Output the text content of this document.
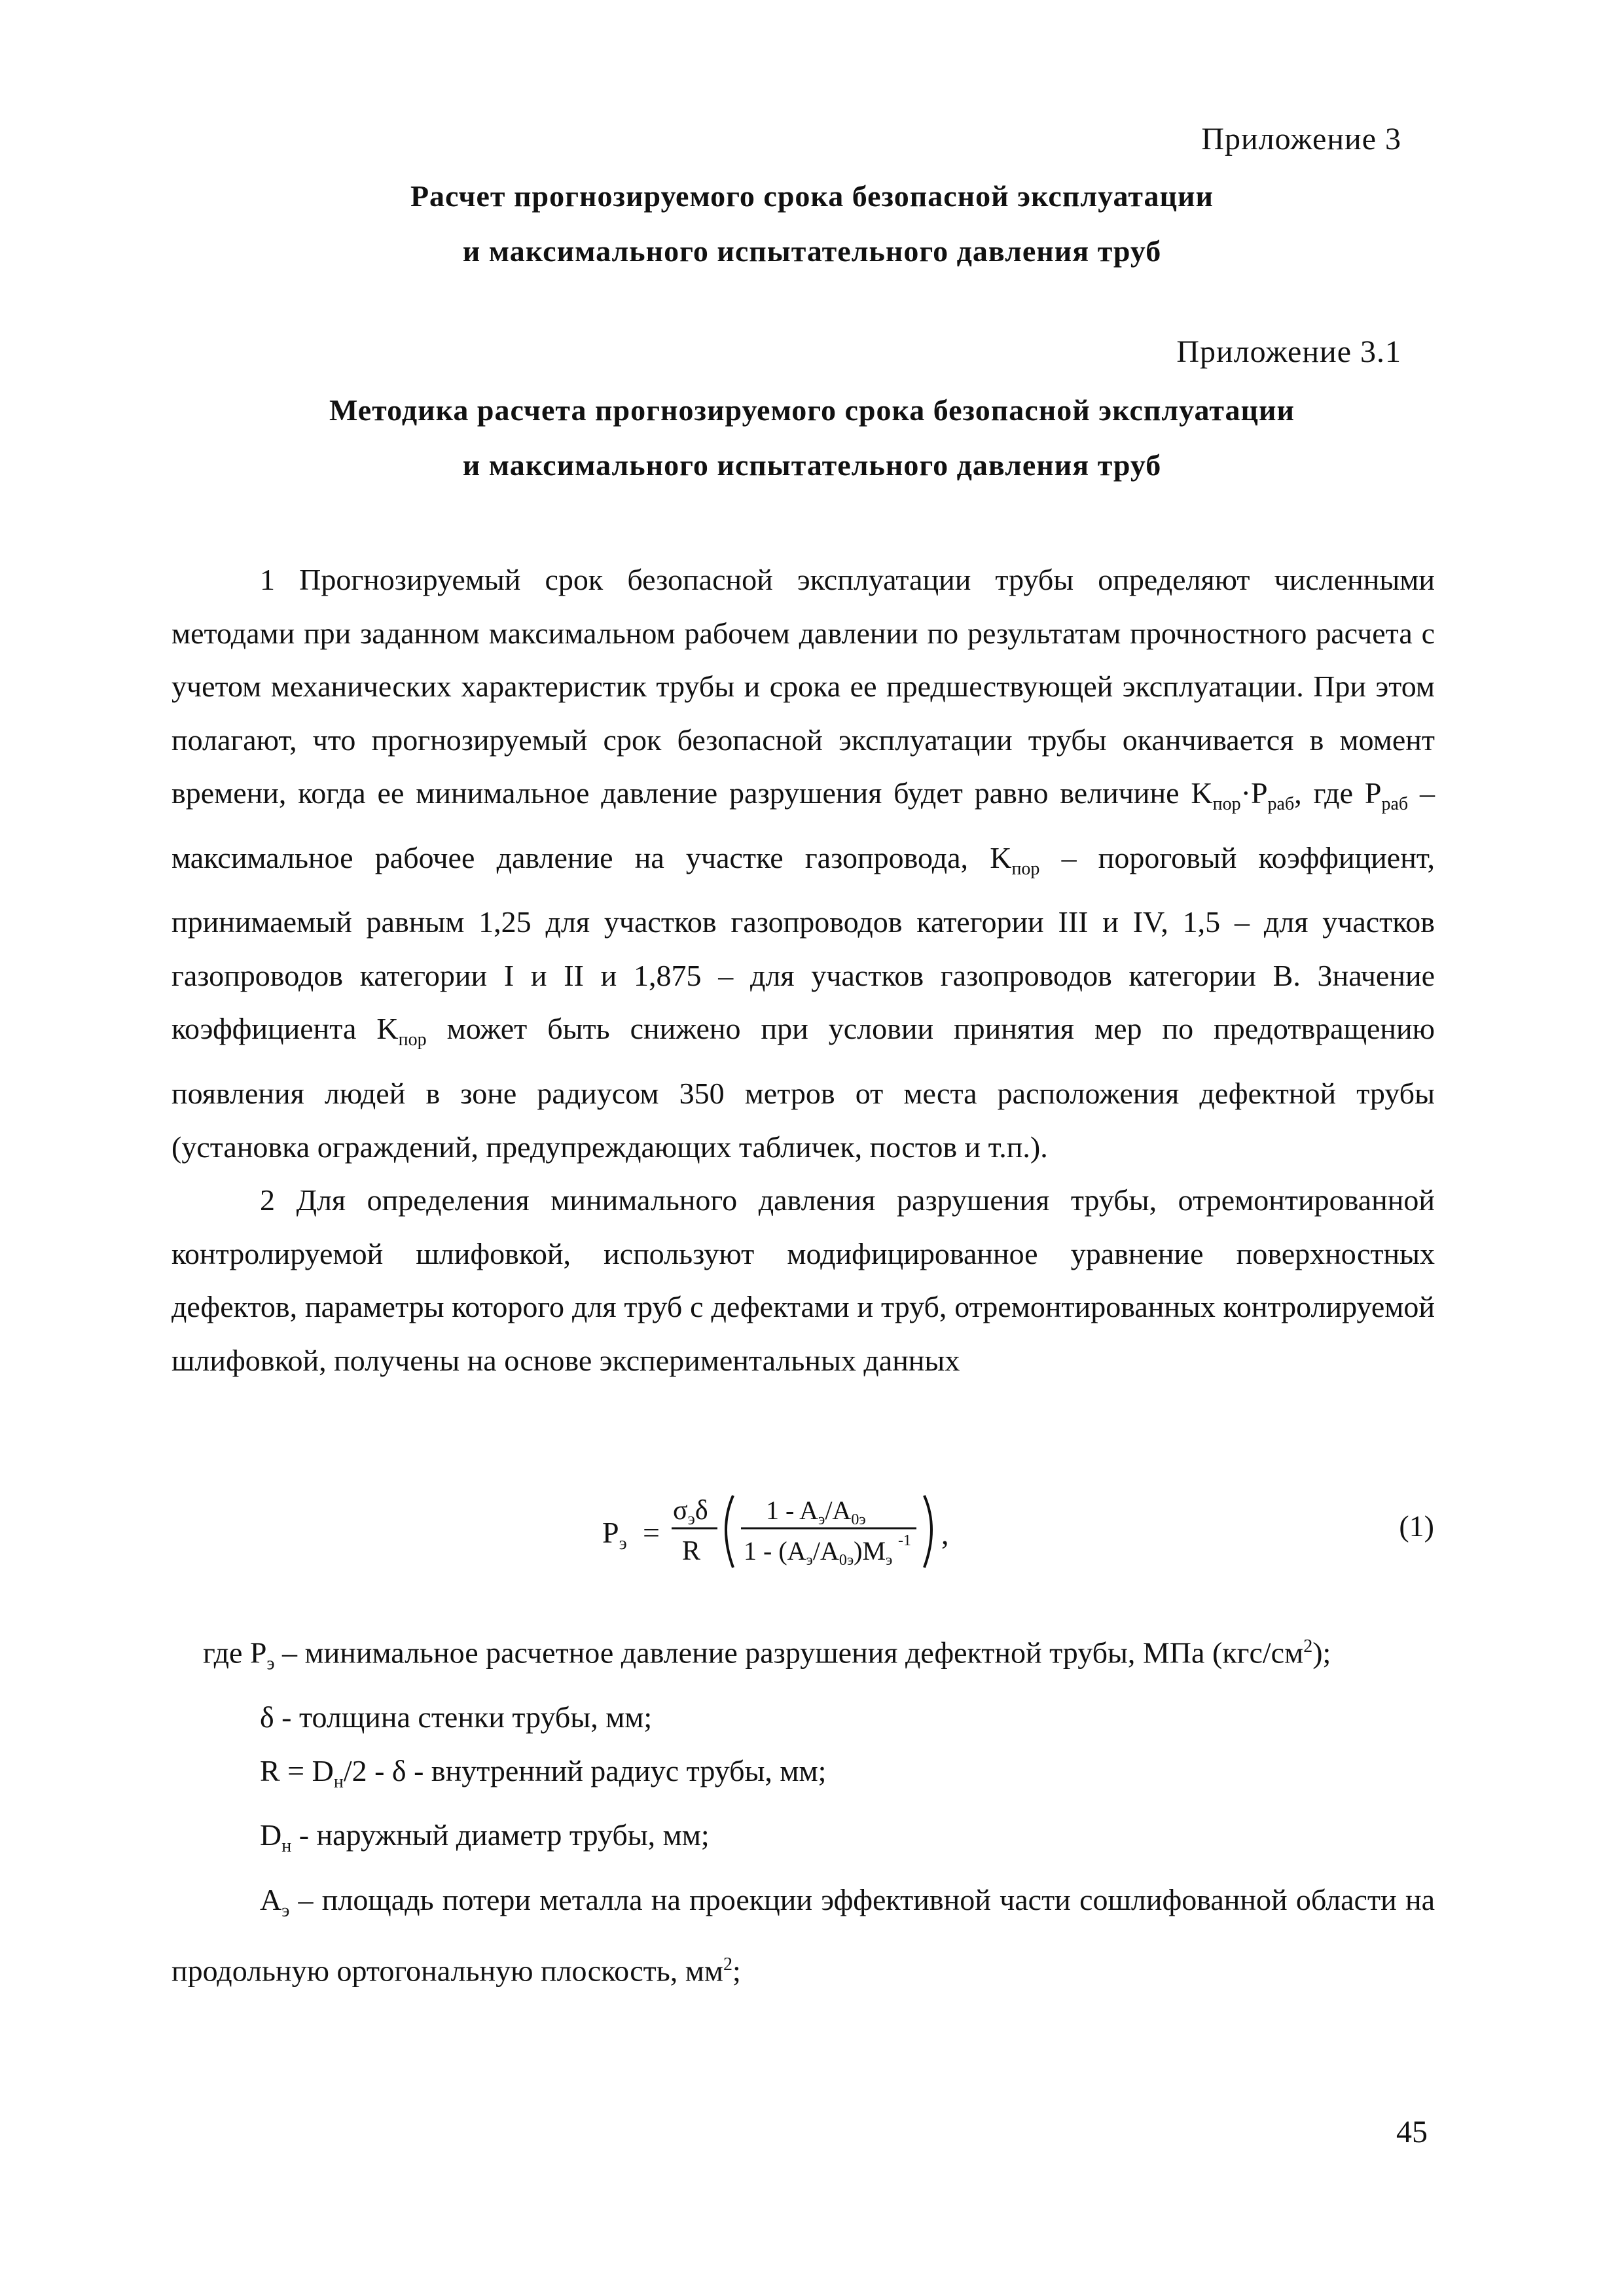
Приложение 3
Расчет прогнозируемого срока безопасной эксплуатации
и максимального испытательного давления труб
Приложение 3.1
Методика расчета прогнозируемого срока безопасной эксплуатации
и максимального испытательного давления труб

1 Прогнозируемый срок безопасной эксплуатации трубы определяют численными методами при заданном максимальном рабочем давлении по результатам прочностного расчета с учетом механических характеристик трубы и срока ее предшествующей эксплуатации. При этом полагают, что прогнозируемый срок безопасной эксплуатации трубы оканчивается в момент времени, когда ее минимальное давление разрушения будет равно величине $K_{пор}\cdot P_{раб}$, где $P_{раб}$ – максимальное рабочее давление на участке газопровода, $K_{пор}$ – пороговый коэффициент, принимаемый равным 1,25 для участков газопроводов категории III и IV, 1,5 – для участков газопроводов категории I и II и 1,875 – для участков газопроводов категории В. Значение коэффициента $K_{пор}$ может быть снижено при условии принятия мер по предотвращению появления людей в зоне радиусом 350 метров от места расположения дефектной трубы (установка ограждений, предупреждающих табличек, постов и т.п.).

2 Для определения минимального давления разрушения трубы, отремонтированной контролируемой шлифовкой, используют модифицированное уравнение поверхностных дефектов, параметры которого для труб с дефектами и труб, отремонтированных контролируемой шлифовкой, получены на основе экспериментальных данных

$P_э$ =
σэδ
R
$1 - A_э/A_{0э}$
$1 - (A_э/A_{0э})M_э$
-1 ,	(1)

где $P_э$ – минимальное расчетное давление разрушения дефектной трубы, МПа $(кгс/см^2)$;

δ - толщина стенки трубы, мм;

$R = D_н/2 - \delta$ - внутренний радиус трубы, мм;

$D_н$ - наружный диаметр трубы, мм;

$A_э$ – площадь потери металла на проекции эффективной части сошлифованной области на продольную ортогональную плоскость, $мм^2$;

45
